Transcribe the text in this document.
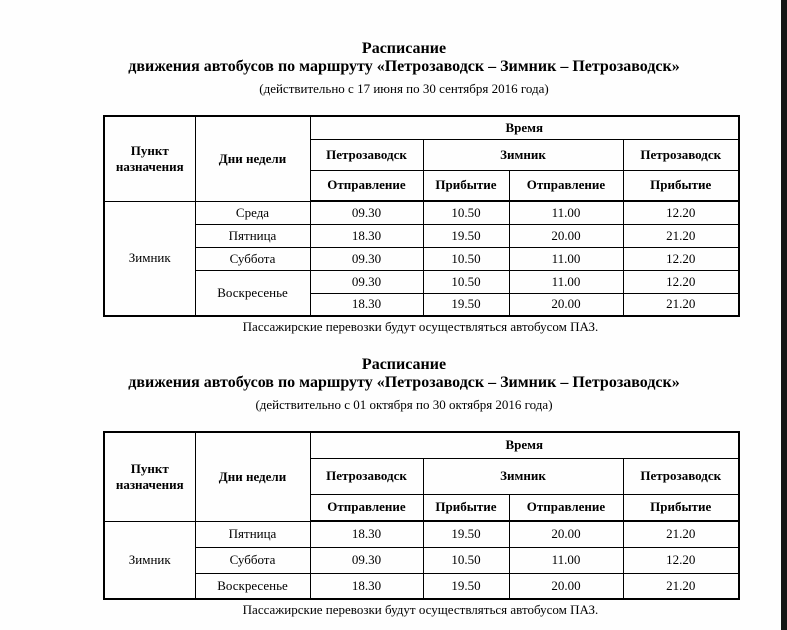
Расписание
движения автобусов по маршруту «Петрозаводск – Зимник – Петрозаводск»
(действительно с 17 июня по 30 сентября 2016 года)
Пункт назначения	Дни недели	Время			
		Петрозаводск	Зимник		Петрозаводск
		Отправление	Прибытие	Отправление	Прибытие
Зимник	Среда	09.30	10.50	11.00	12.20
	Пятница	18.30	19.50	20.00	21.20
	Суббота	09.30	10.50	11.00	12.20
	Воскресенье	09.30	10.50	11.00	12.20
		18.30	19.50	20.00	21.20
Пассажирские перевозки будут осуществляться автобусом ПАЗ.
Расписание
движения автобусов по маршруту «Петрозаводск – Зимник – Петрозаводск»
(действительно с 01 октября по 30 октября 2016 года)
Пункт назначения	Дни недели	Время			
		Петрозаводск	Зимник		Петрозаводск
		Отправление	Прибытие	Отправление	Прибытие
Зимник	Пятница	18.30	19.50	20.00	21.20
	Суббота	09.30	10.50	11.00	12.20
	Воскресенье	18.30	19.50	20.00	21.20
Пассажирские перевозки будут осуществляться автобусом ПАЗ.
